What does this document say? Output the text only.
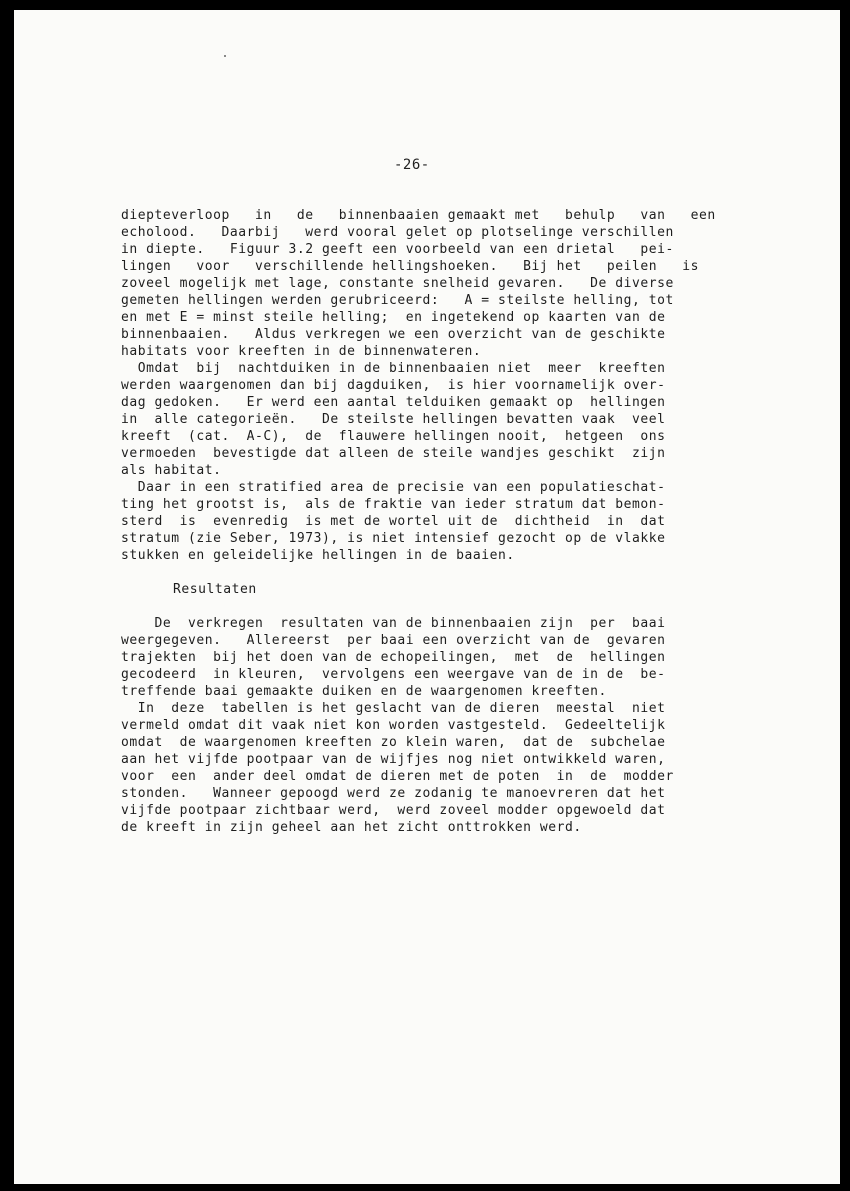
-26-
diepteverloop   in   de   binnenbaaien gemaakt met   behulp   van   een
echolood.   Daarbij   werd vooral gelet op plotselinge verschillen
in diepte.   Figuur 3.2 geeft een voorbeeld van een drietal   pei-
lingen   voor   verschillende hellingshoeken.   Bij het   peilen   is
zoveel mogelijk met lage, constante snelheid gevaren.   De diverse
gemeten hellingen werden gerubriceerd:   A = steilste helling, tot
en met E = minst steile helling;  en ingetekend op kaarten van de
binnenbaaien.   Aldus verkregen we een overzicht van de geschikte
habitats voor kreeften in de binnenwateren.
Omdat  bij  nachtduiken in de binnenbaaien niet  meer  kreeften
werden waargenomen dan bij dagduiken,  is hier voornamelijk over-
dag gedoken.   Er werd een aantal telduiken gemaakt op  hellingen
in  alle categorieën.   De steilste hellingen bevatten vaak  veel
kreeft  (cat.  A-C),  de  flauwere hellingen nooit,  hetgeen  ons
vermoeden  bevestigde dat alleen de steile wandjes geschikt  zijn
als habitat.
Daar in een stratified area de precisie van een populatieschat-
ting het grootst is,  als de fraktie van ieder stratum dat bemon-
sterd  is  evenredig  is met de wortel uit de  dichtheid  in  dat
stratum (zie Seber, 1973), is niet intensief gezocht op de vlakke
stukken en geleidelijke hellingen in de baaien.
Resultaten
De  verkregen  resultaten van de binnenbaaien zijn  per  baai
weergegeven.   Allereerst  per baai een overzicht van de  gevaren
trajekten  bij het doen van de echopeilingen,  met  de  hellingen
gecodeerd  in kleuren,  vervolgens een weergave van de in de  be-
treffende baai gemaakte duiken en de waargenomen kreeften.
In  deze  tabellen is het geslacht van de dieren  meestal  niet
vermeld omdat dit vaak niet kon worden vastgesteld.  Gedeeltelijk
omdat  de waargenomen kreeften zo klein waren,  dat de  subchelae
aan het vijfde pootpaar van de wijfjes nog niet ontwikkeld waren,
voor  een  ander deel omdat de dieren met de poten  in  de  modder
stonden.   Wanneer gepoogd werd ze zodanig te manoevreren dat het
vijfde pootpaar zichtbaar werd,  werd zoveel modder opgewoeld dat
de kreeft in zijn geheel aan het zicht onttrokken werd.
